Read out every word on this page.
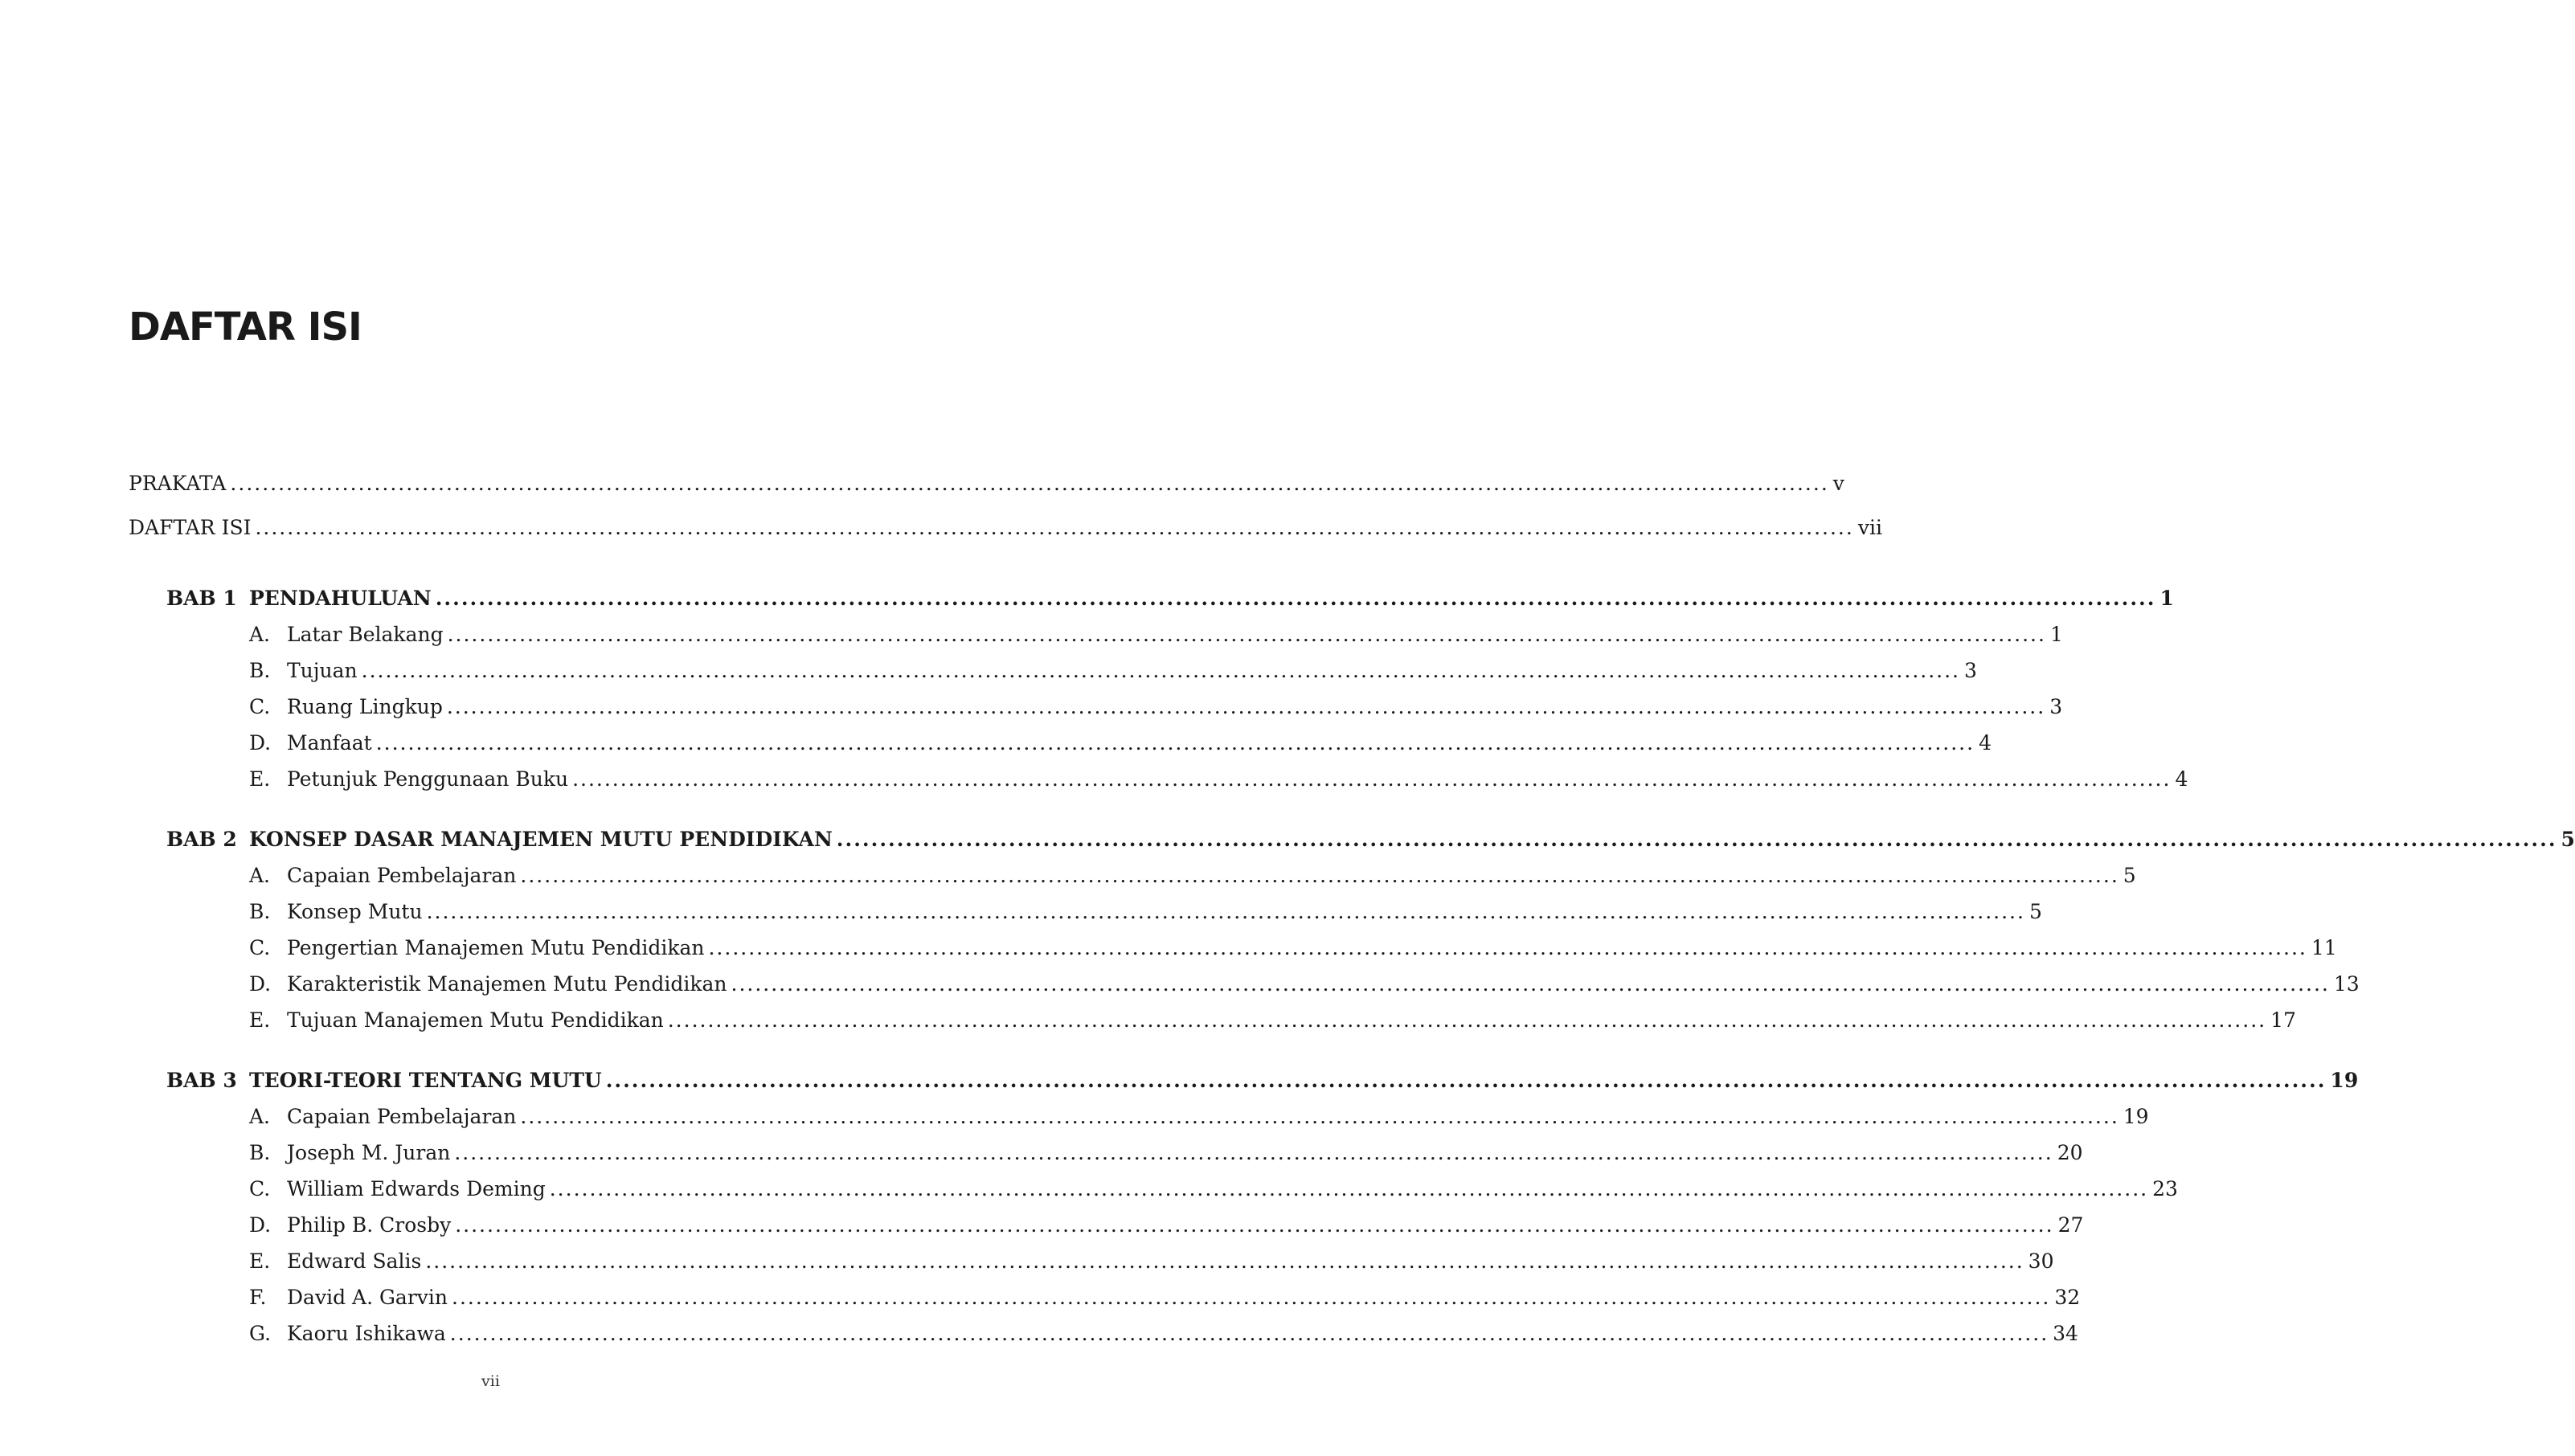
DAFTAR ISI
PRAKATA ........................................................................................................................................................................................................ v
DAFTAR ISI ........................................................................................................................................................................................................ vii
BAB 1 PENDAHULUAN ........................................................................................................................................................................................................ 1
A. Latar Belakang ........................................................................................................................................................................................................ 1
B. Tujuan ........................................................................................................................................................................................................ 3
C. Ruang Lingkup ........................................................................................................................................................................................................ 3
D. Manfaat ........................................................................................................................................................................................................ 4
E. Petunjuk Penggunaan Buku ........................................................................................................................................................................................................ 4
BAB 2 KONSEP DASAR MANAJEMEN MUTU PENDIDIKAN ........................................................................................................................................................................................................ 5
A. Capaian Pembelajaran ........................................................................................................................................................................................................ 5
B. Konsep Mutu ........................................................................................................................................................................................................ 5
C. Pengertian Manajemen Mutu Pendidikan ........................................................................................................................................................................................................ 11
D. Karakteristik Manajemen Mutu Pendidikan ........................................................................................................................................................................................................ 13
E. Tujuan Manajemen Mutu Pendidikan ........................................................................................................................................................................................................ 17
BAB 3 TEORI-TEORI TENTANG MUTU ........................................................................................................................................................................................................ 19
A. Capaian Pembelajaran ........................................................................................................................................................................................................ 19
B. Joseph M. Juran ........................................................................................................................................................................................................ 20
C. William Edwards Deming ........................................................................................................................................................................................................ 23
D. Philip B. Crosby ........................................................................................................................................................................................................ 27
E. Edward Salis ........................................................................................................................................................................................................ 30
F. David A. Garvin ........................................................................................................................................................................................................ 32
G. Kaoru Ishikawa ........................................................................................................................................................................................................ 34
vii
